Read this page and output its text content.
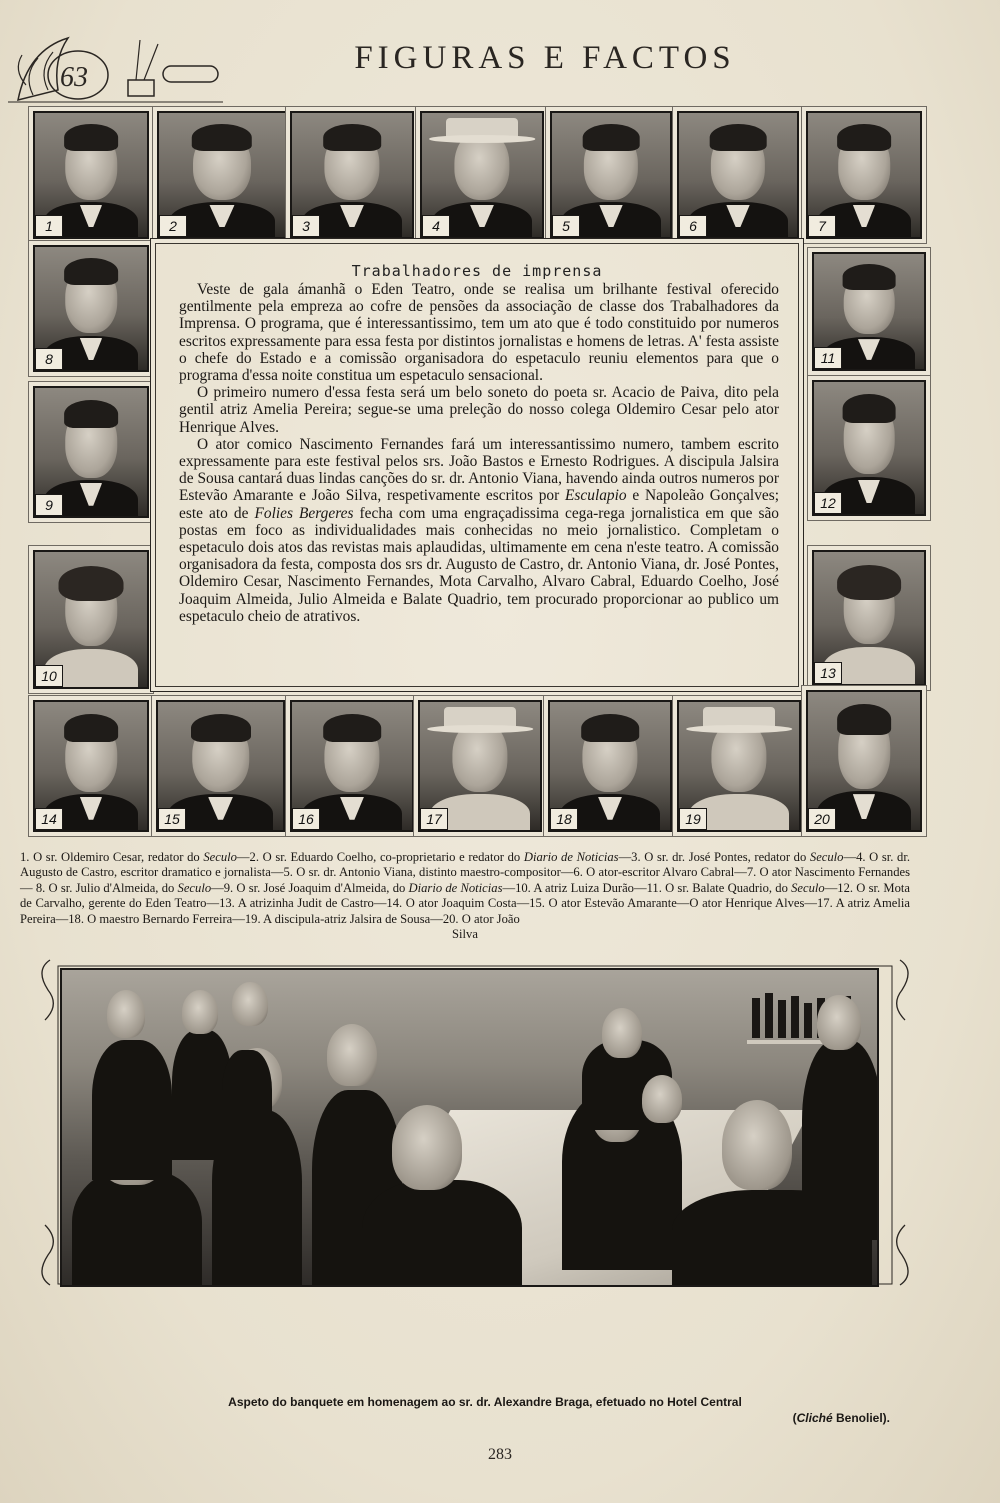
63
FIGURAS E FACTOS
1	2	3	4	5	6	7
8
9
10
11
12
13
Trabalhadores de imprensa

Veste de gala ámanhã o Eden Teatro, onde se realisa um brilhante festival oferecido gentilmente pela empreza ao cofre de pensões da associação de classe dos Trabalhadores da Imprensa. O programa, que é interessantissimo, tem um ato que é todo constituido por numeros escritos expressamente para essa festa por distintos jornalistas e homens de letras. A' festa assiste o chefe do Estado e a comissão organisadora do espetaculo reuniu elementos para que o programa d'essa noite constitua um espetaculo sensacional.

O primeiro numero d'essa festa será um belo soneto do poeta sr. Acacio de Paiva, dito pela gentil atriz Amelia Pereira; segue-se uma preleção do nosso colega Oldemiro Cesar pelo ator Henrique Alves.

O ator comico Nascimento Fernandes fará um interessantissimo numero, tambem escrito expressamente para este festival pelos srs. João Bastos e Ernesto Rodrigues. A discipula Jalsira de Sousa cantará duas lindas canções do sr. dr. Antonio Viana, havendo ainda outros numeros por Estevão Amarante e João Silva, respetivamente escritos por Esculapio e Napoleão Gonçalves; este ato de Folies Bergeres fecha com uma engraçadissima cega-rega jornalistica em que são postas em foco as individualidades mais conhecidas no meio jornalistico. Completam o espetaculo dois atos das revistas mais aplaudidas, ultimamente em cena n'este teatro. A comissão organisadora da festa, composta dos srs dr. Augusto de Castro, dr. Antonio Viana, dr. José Pontes, Oldemiro Cesar, Nascimento Fernandes, Mota Carvalho, Alvaro Cabral, Eduardo Coelho, José Joaquim Almeida, Julio Almeida e Balate Quadrio, tem procurado proporcionar ao publico um espetaculo cheio de atrativos.

14	15	16	17	18	19	20
1. O sr. Oldemiro Cesar, redator do Seculo—2. O sr. Eduardo Coelho, co-proprietario e redator do Diario de Noticias—3. O sr. dr. José Pontes, redator do Seculo—4. O sr. dr. Augusto de Castro, escritor dramatico e jornalista—5. O sr. dr. Antonio Viana, distinto maestro-compositor—6. O ator-escritor Alvaro Cabral—7. O ator Nascimento Fernandes — 8. O sr. Julio d'Almeida, do Seculo—9. O sr. José Joaquim d'Almeida, do Diario de Noticias—10. A atriz Luiza Durão—11. O sr. Balate Quadrio, do Seculo—12. O sr. Mota de Carvalho, gerente do Eden Teatro—13. A atrizinha Judit de Castro—14. O ator Joaquim Costa—15. O ator Estevão Amarante—O ator Henrique Alves—17. A atriz Amelia Pereira—18. O maestro Bernardo Ferreira—19. A discipula-atriz Jalsira de Sousa—20. O ator João
Silva
Aspeto do banquete em homenagem ao sr. dr. Alexandre Braga, efetuado no Hotel Central
(Cliché Benoliel).
283
